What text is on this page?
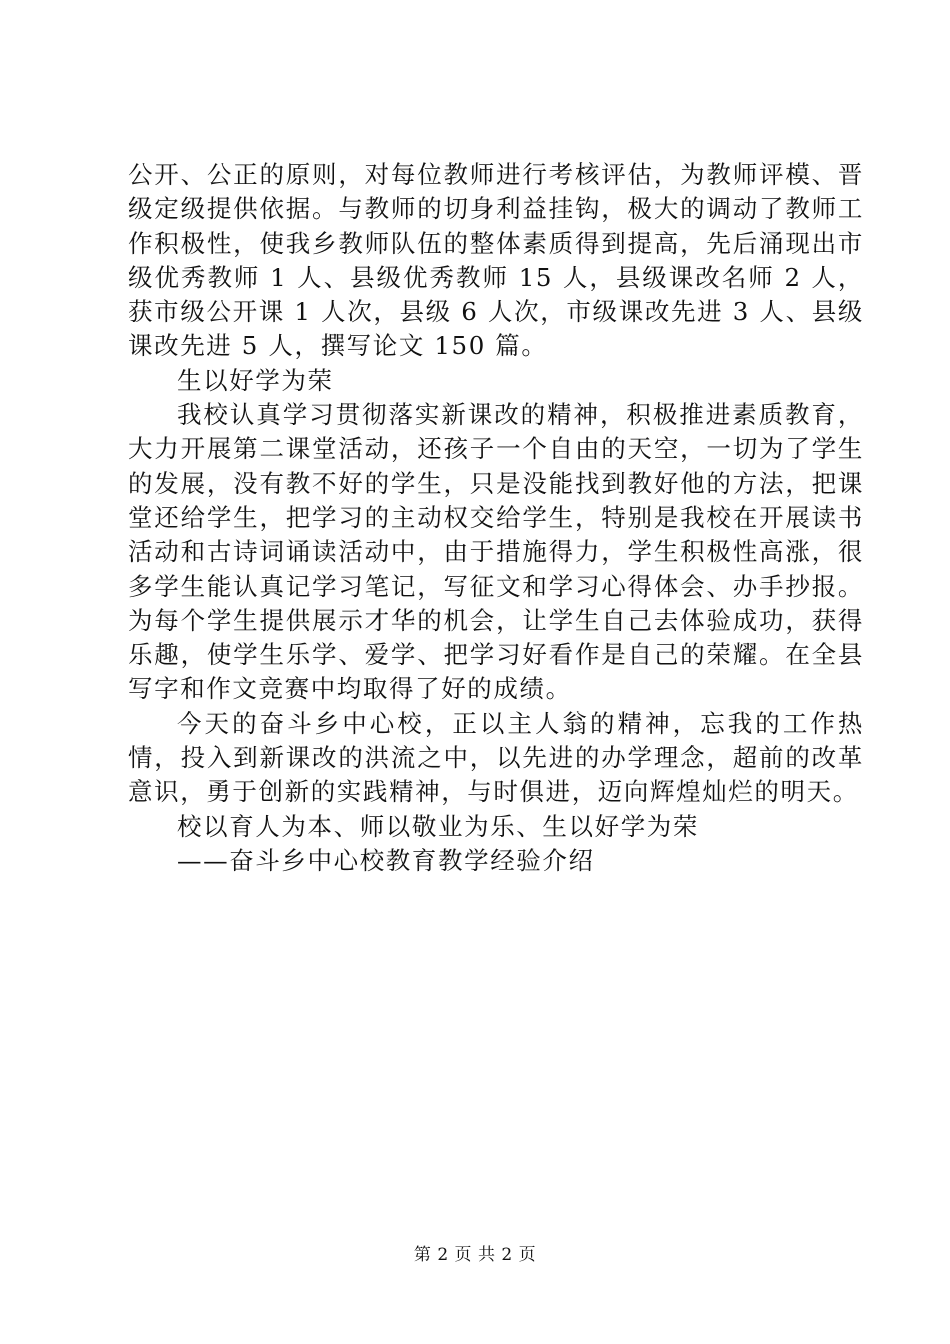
公开、公正的原则，对每位教师进行考核评估，为教师评模、晋级定级提供依据。与教师的切身利益挂钩，极大的调动了教师工作积极性，使我乡教师队伍的整体素质得到提高，先后涌现出市级优秀教师 1 人、县级优秀教师 15 人，县级课改名师 2 人，获市级公开课 1 人次，县级 6 人次，市级课改先进 3 人、县级课改先进 5 人，撰写论文 150 篇。

生以好学为荣

我校认真学习贯彻落实新课改的精神，积极推进素质教育，大力开展第二课堂活动，还孩子一个自由的天空，一切为了学生的发展，没有教不好的学生，只是没能找到教好他的方法，把课堂还给学生，把学习的主动权交给学生，特别是我校在开展读书活动和古诗词诵读活动中，由于措施得力，学生积极性高涨，很多学生能认真记学习笔记，写征文和学习心得体会、办手抄报。为每个学生提供展示才华的机会，让学生自己去体验成功，获得乐趣，使学生乐学、爱学、把学习好看作是自己的荣耀。在全县写字和作文竞赛中均取得了好的成绩。

今天的奋斗乡中心校，正以主人翁的精神，忘我的工作热情，投入到新课改的洪流之中，以先进的办学理念，超前的改革意识，勇于创新的实践精神，与时俱进，迈向辉煌灿烂的明天。

校以育人为本、师以敬业为乐、生以好学为荣

——奋斗乡中心校教育教学经验介绍

第 2 页 共 2 页
